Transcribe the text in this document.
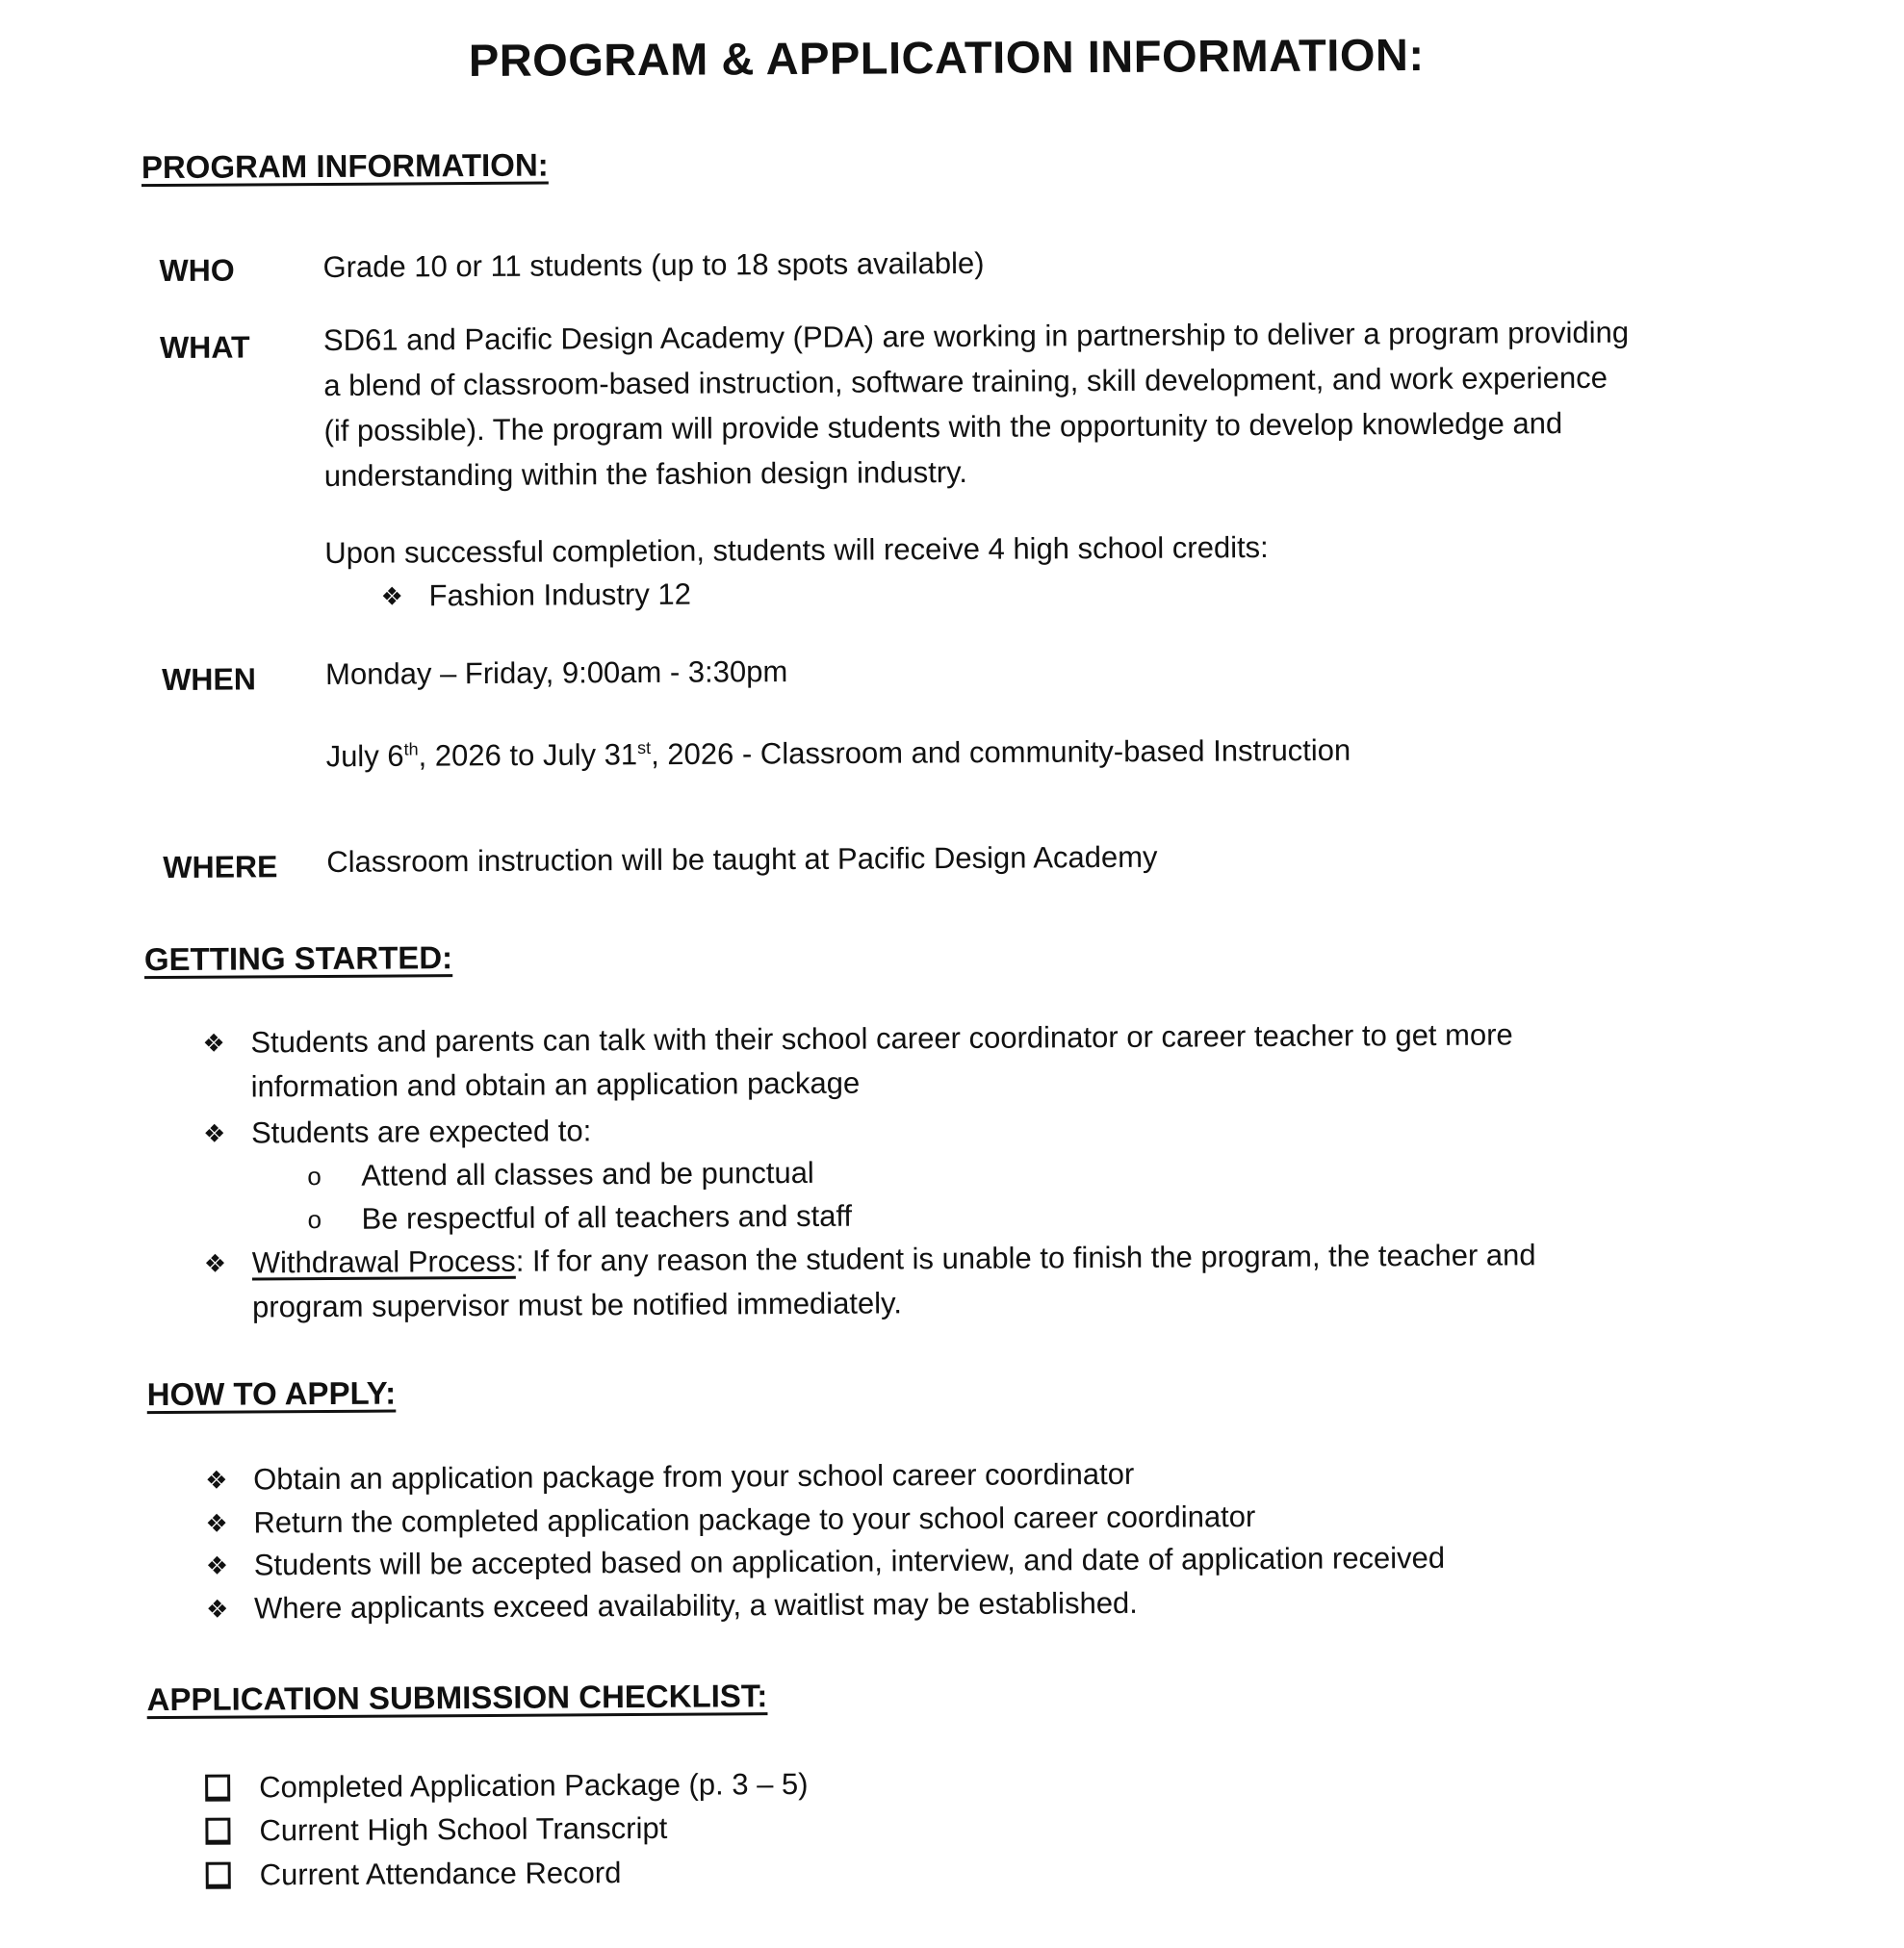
PROGRAM & APPLICATION INFORMATION:
PROGRAM INFORMATION:
WHO	Grade 10 or 11 students (up to 18 spots available)
WHAT SD61 and Pacific Design Academy (PDA) are working in partnership to deliver a program providing
a blend of classroom-based instruction, software training, skill development, and work experience
(if possible). The program will provide students with the opportunity to develop knowledge and
understanding within the fashion design industry.
Upon successful completion, students will receive 4 high school credits:
❖ Fashion Industry 12
WHEN Monday – Friday, 9:00am - 3:30pm
July 6th, 2026 to July 31st, 2026 - Classroom and community-based Instruction
WHERE Classroom instruction will be taught at Pacific Design Academy
GETTING STARTED:
❖ Students and parents can talk with their school career coordinator or career teacher to get more
information and obtain an application package
❖ Students are expected to:
o	Attend all classes and be punctual
o	Be respectful of all teachers and staff
❖ Withdrawal Process: If for any reason the student is unable to finish the program, the teacher and
program supervisor must be notified immediately.
HOW TO APPLY:
❖ Obtain an application package from your school career coordinator
❖ Return the completed application package to your school career coordinator
❖ Students will be accepted based on application, interview, and date of application received
❖ Where applicants exceed availability, a waitlist may be established.
APPLICATION SUBMISSION CHECKLIST:
Completed Application Package (p. 3 – 5)
Current High School Transcript
Current Attendance Record
